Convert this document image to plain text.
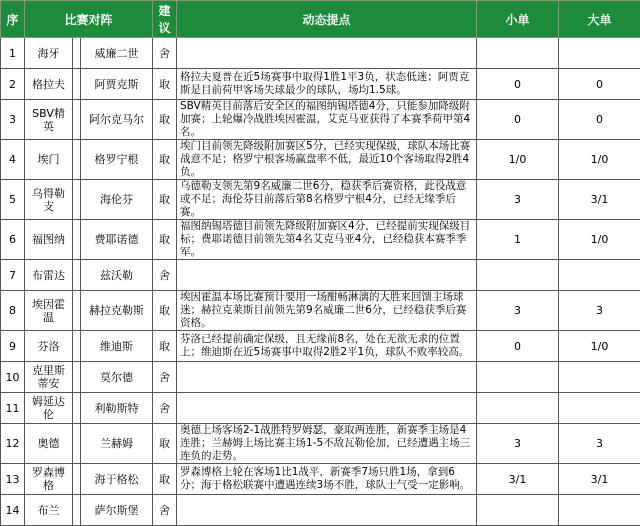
序	比赛对阵			建议	动态提点	小单	大单
1	海牙		威廉二世	舍			
2	格拉夫		阿贾克斯	取	格拉夫夏普在近5场赛事中取得1胜1平3负，状态低迷；阿贾克斯是目前荷甲客场失球最少的球队，场均1.5球。	0	0
3	SBV精英		阿尔克马尔	取	SBV精英目前落后安全区的福图纳锡塔德4分，只能参加降级附加赛；上轮爆冷战胜埃因霍温，艾克马亚获得了本赛季荷甲第4名。	0	0
4	埃门		格罗宁根	取	埃门目前领先降级附加赛区5分，已经实现保级，球队本场比赛战意不足；格罗宁根客场赢盘率不低，最近10个客场取得2胜4负。	1/0	1/0
5	乌得勒支		海伦芬	取	乌德勒支领先第9名威廉二世6分，稳获季后赛资格，此役战意或不足；海伦芬目前落后第8名格罗宁根4分，已经无缘季后赛。	3	3/1
6	福图纳		费耶诺德	取	福图纳锡塔德目前领先降级附加赛区4分，已经提前实现保级目标；费耶诺德目前领先第4名艾克马亚4分，已经稳获本赛季季军。	1	1/0
7	布雷达		兹沃勒	舍			
8	埃因霍温		赫拉克勒斯	取	埃因霍温本场比赛预计要用一场酣畅淋漓的大胜来回馈主场球迷；赫拉克莱斯目前领先第9名威廉二世6分，已经稳获季后赛资格。	3	3
9	芬洛		维迪斯	取	芬洛已经提前确定保级，且无缘前8名，处在无欲无求的位置上；维迪斯在近5场赛事中取得2胜2平1负，球队不败率较高。	0	1/0
10	克里斯蒂安		莫尔德	舍			
11	姆延达伦		利勒斯特	舍			
12	奥德		兰赫姆	取	奥德上场客场2-1战胜特罗姆瑟，豪取两连胜，新赛季主场是4连胜；兰赫姆上场比赛主场1-5不敌瓦勒伦加，已经遭遇主场三连负的走势。	3	3
13	罗森博格		海于格松	取	罗森博格上轮在客场1比1战平，新赛季7场只胜1场，拿到6分；海于格松联赛中遭遇连续3场不胜，球队士气受一定影响。	3/1	3/1
14	布兰		萨尔斯堡	舍			
